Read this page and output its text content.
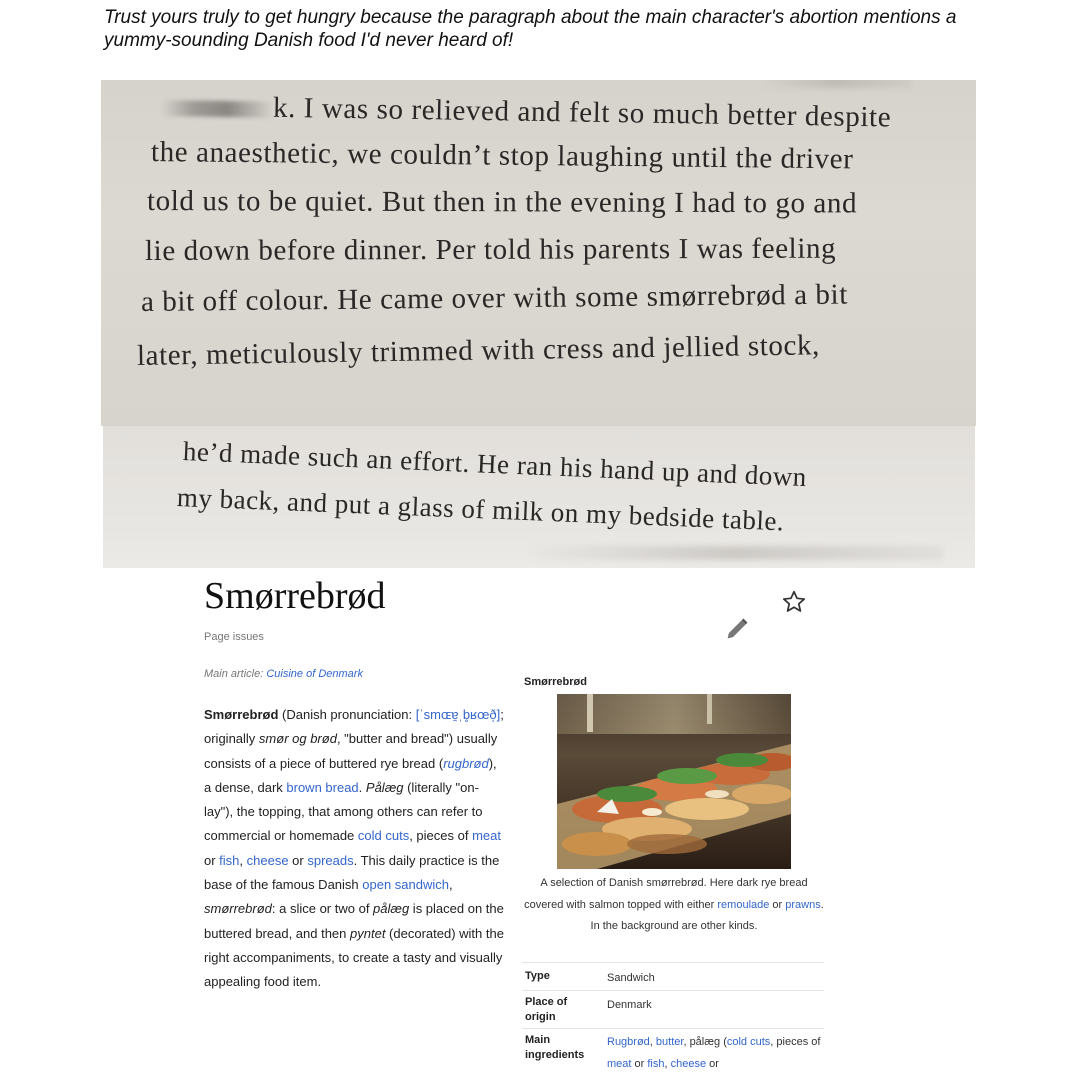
Trust yours truly to get hungry because the paragraph about the main character's abortion mentions a yummy-sounding Danish food I'd never heard of!
k. I was so relieved and felt so much better despite
the anaesthetic, we couldn’t stop laughing until the driver
told us to be quiet. But then in the evening I had to go and
lie down before dinner. Per told his parents I was feeling
a bit off colour. He came over with some smørrebrød a bit
later, meticulously trimmed with cress and jellied stock,
he’d made such an effort. He ran his hand up and down
my back, and put a glass of milk on my bedside table.
Smørrebrød
Page issues
Main article: Cuisine of Denmark
Smørrebrød (Danish pronunciation: [ˈsmɶɐ̯ˌb̥ʁœð̩]; originally smør og brød, "butter and bread") usually consists of a piece of buttered rye bread (rugbrød), a dense, dark brown bread. Pålæg (literally "on-lay"), the topping, that among others can refer to commercial or homemade cold cuts, pieces of meat or fish, cheese or spreads. This daily practice is the base of the famous Danish open sandwich, smørrebrød: a slice or two of pålæg is placed on the buttered bread, and then pyntet (decorated) with the right accompaniments, to create a tasty and visually appealing food item.
Smørrebrød
A selection of Danish smørrebrød. Here dark rye bread covered with salmon topped with either remoulade or prawns. In the background are other kinds.
Type	Sandwich
Place of origin
Denmark
Main ingredients
Rugbrød, butter, pålæg (cold cuts, pieces of meat or fish, cheese or
